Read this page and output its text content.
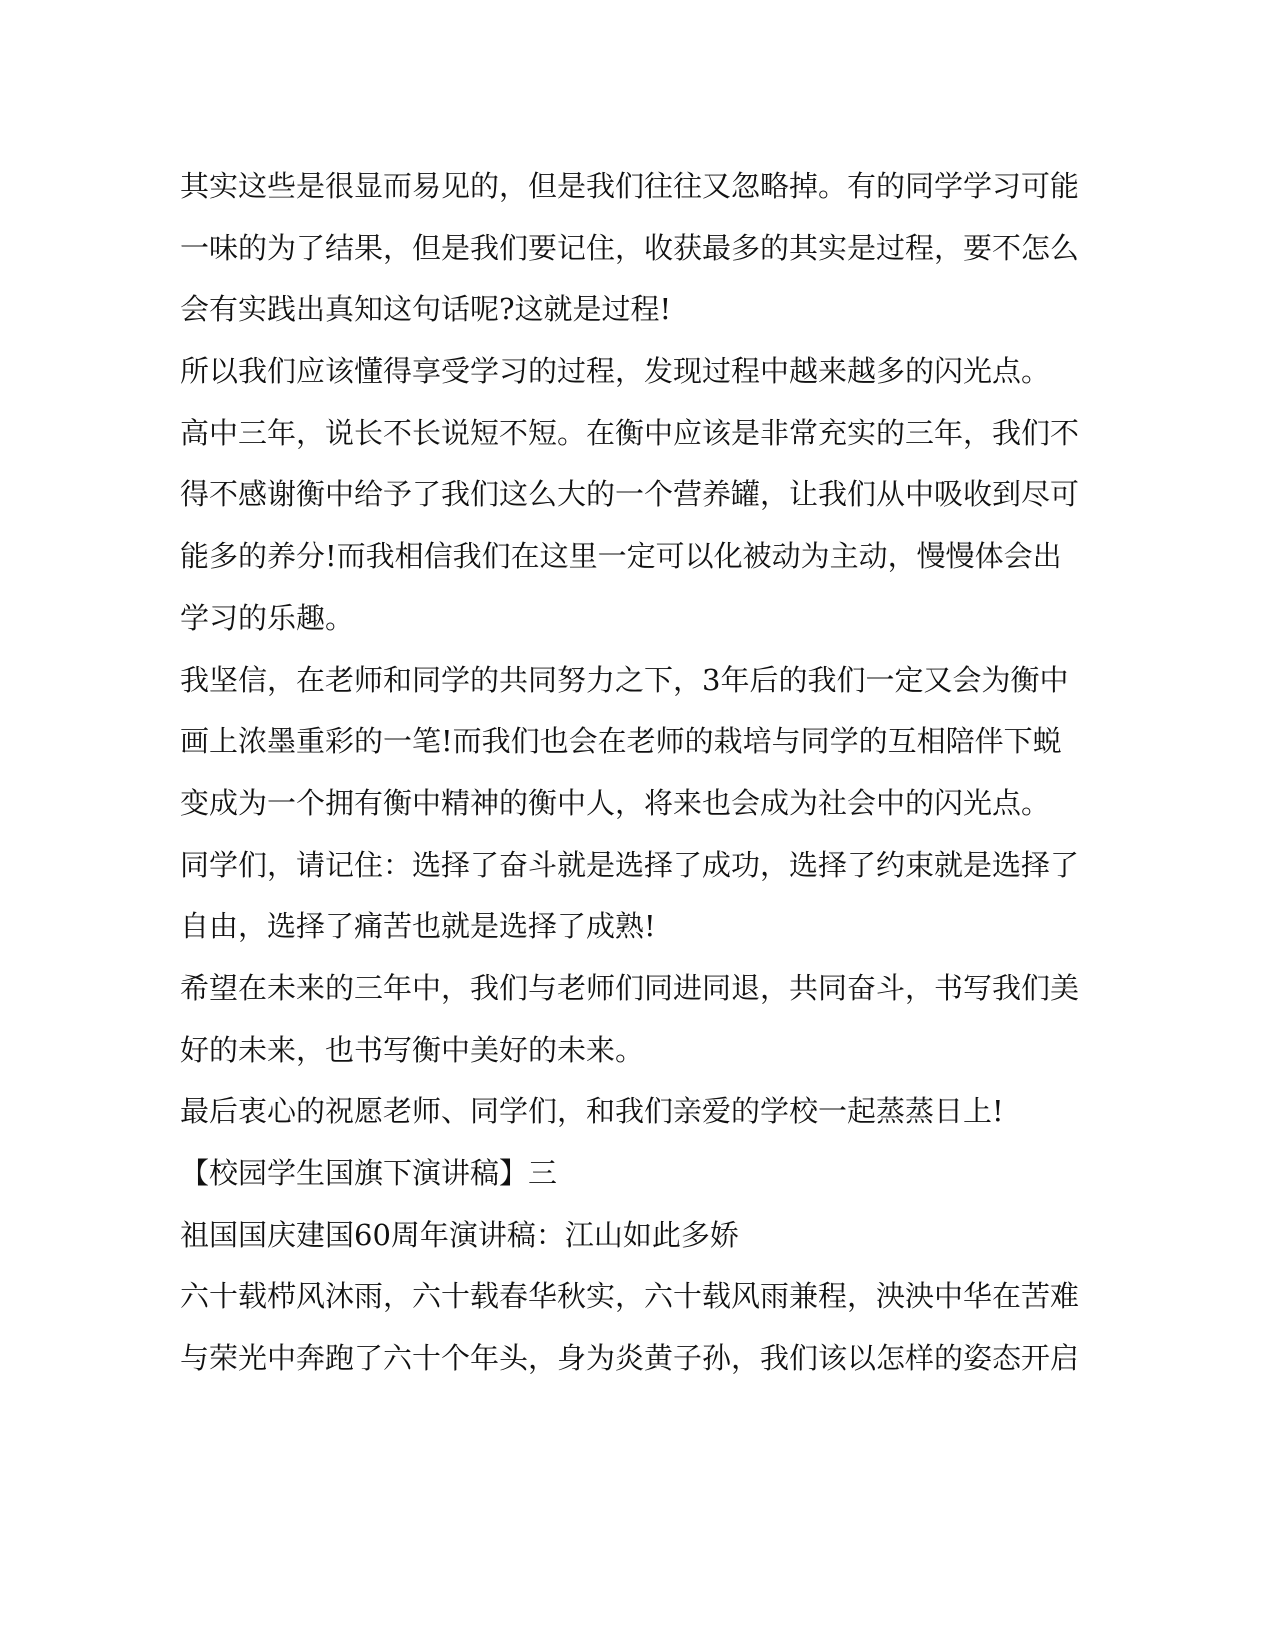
其实这些是很显而易见的，但是我们往往又忽略掉。有的同学学习可能
一味的为了结果，但是我们要记住，收获最多的其实是过程，要不怎么
会有实践出真知这句话呢?这就是过程!
所以我们应该懂得享受学习的过程，发现过程中越来越多的闪光点。
高中三年，说长不长说短不短。在衡中应该是非常充实的三年，我们不
得不感谢衡中给予了我们这么大的一个营养罐，让我们从中吸收到尽可
能多的养分!而我相信我们在这里一定可以化被动为主动，慢慢体会出
学习的乐趣。
我坚信，在老师和同学的共同努力之下，3年后的我们一定又会为衡中
画上浓墨重彩的一笔!而我们也会在老师的栽培与同学的互相陪伴下蜕
变成为一个拥有衡中精神的衡中人，将来也会成为社会中的闪光点。
同学们，请记住：选择了奋斗就是选择了成功，选择了约束就是选择了
自由，选择了痛苦也就是选择了成熟!
希望在未来的三年中，我们与老师们同进同退，共同奋斗，书写我们美
好的未来，也书写衡中美好的未来。
最后衷心的祝愿老师、同学们，和我们亲爱的学校一起蒸蒸日上!
【校园学生国旗下演讲稿】三
祖国国庆建国60周年演讲稿：江山如此多娇
六十载栉风沐雨，六十载春华秋实，六十载风雨兼程，泱泱中华在苦难
与荣光中奔跑了六十个年头，身为炎黄子孙，我们该以怎样的姿态开启
